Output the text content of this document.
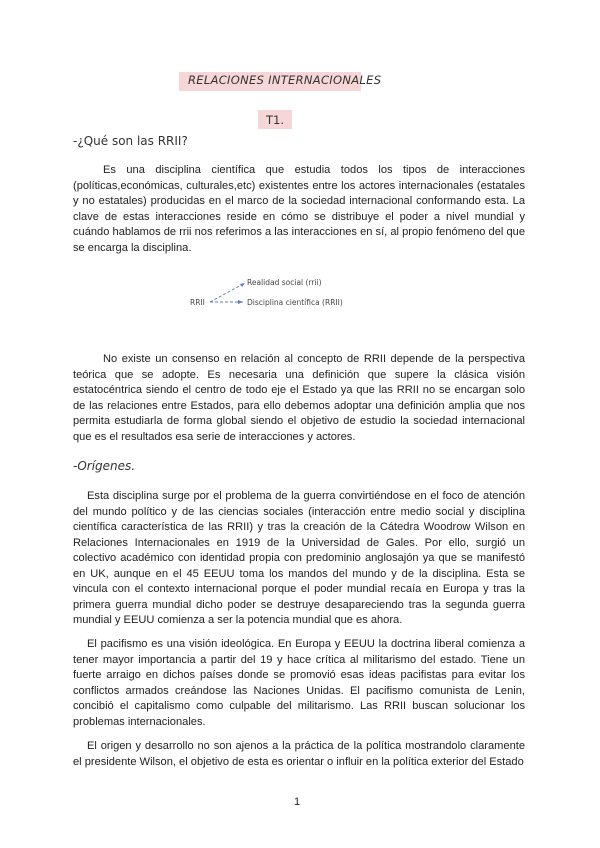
RELACIONES INTERNACIONALES
T1.
-¿Qué son las RRII?

Es una disciplina científica que estudia todos los tipos de interacciones (políticas,económicas, culturales,etc) existentes entre los actores internacionales (estatales y no estatales) producidas en el marco de la sociedad internacional conformando esta. La clave de estas interacciones reside en cómo se distribuye el poder a nivel mundial y cuándo hablamos de rrii nos referimos a las interacciones en sí, al propio fenómeno del que se encarga la disciplina.

RRII
Realidad social (rrii)
Disciplina científica (RRII)

No existe un consenso en relación al concepto de RRII depende de la perspectiva teórica que se adopte. Es necesaria una definición que supere la clásica visión estatocéntrica siendo el centro de todo eje el Estado ya que las RRII no se encargan solo de las relaciones entre Estados, para ello debemos adoptar una definición amplia que nos permita estudiarla de forma global siendo el objetivo de estudio la sociedad internacional que es el resultados esa serie de interacciones y actores.

-Orígenes.

Esta disciplina surge por el problema de la guerra convirtiéndose en el foco de atención del mundo político y de las ciencias sociales (interacción entre medio social y disciplina científica característica de las RRII) y tras la creación de la Cátedra Woodrow Wilson en Relaciones Internacionales en 1919 de la Universidad de Gales. Por ello, surgió un colectivo académico con identidad propia con predominio anglosajón ya que se manifestó en UK, aunque en el 45 EEUU toma los mandos del mundo y de la disciplina. Esta se vincula con el contexto internacional porque el poder mundial recaía en Europa y tras la primera guerra mundial dicho poder se destruye desapareciendo tras la segunda guerra mundial y EEUU comienza a ser la potencia mundial que es ahora.

El pacifismo es una visión ideológica. En Europa y EEUU la doctrina liberal comienza a tener mayor importancia a partir del 19 y hace crítica al militarismo del estado. Tiene un fuerte arraigo en dichos países donde se promovió esas ideas pacifistas para evitar los conflictos armados creándose las Naciones Unidas. El pacifismo comunista de Lenin, concibió el capitalismo como culpable del militarismo. Las RRII buscan solucionar los problemas internacionales.

El origen y desarrollo no son ajenos a la práctica de la política mostrandolo claramente el presidente Wilson, el objetivo de esta es orientar o influir en la política exterior del Estado

1
